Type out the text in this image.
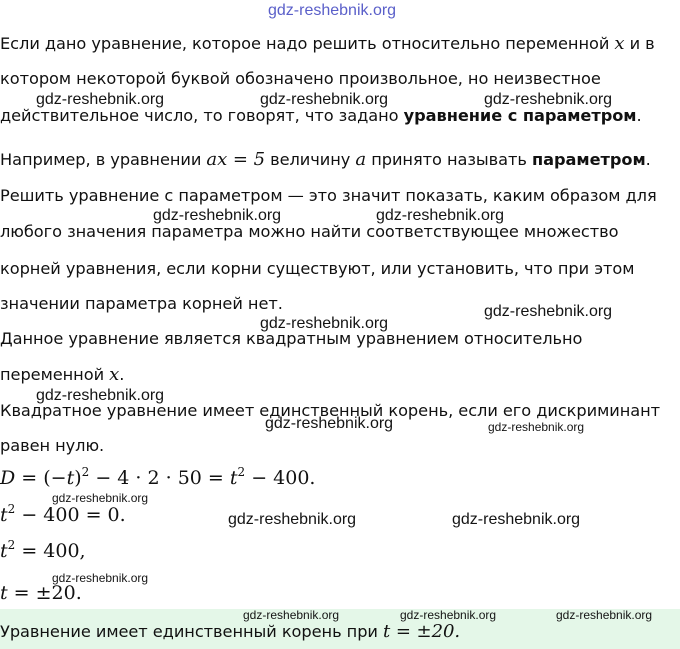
Если дано уравнение, которое надо решить относительно переменной x и в
котором некоторой буквой обозначено произвольное, но неизвестное
действительное число, то говорят, что задано уравнение с параметром.
Например, в уравнении ax = 5 величину a принято называть параметром.
Решить уравнение с параметром — это значит показать, каким образом для
любого значения параметра можно найти соответствующее множество
корней уравнения, если корни существуют, или установить, что при этом
значении параметра корней нет.
Данное уравнение является квадратным уравнением относительно
переменной x.
Квадратное уравнение имеет единственный корень, если его дискриминант
равен нулю.
$D = (-t)^2 - 4 \cdot 2 \cdot 50 = t^2 - 400$.
$t^2 - 400 = 0$.
$t^2 = 400$,
t = ±20.
Уравнение имеет единственный корень при t = ±20.
gdz-reshebnik.org
gdz-reshebnik.org	gdz-reshebnik.org	gdz-reshebnik.org
gdz-reshebnik.org	gdz-reshebnik.org
gdz-reshebnik.org
gdz-reshebnik.org
gdz-reshebnik.org
gdz-reshebnik.org	gdz-reshebnik.org
gdz-reshebnik.org
gdz-reshebnik.org	gdz-reshebnik.org
gdz-reshebnik.org
gdz-reshebnik.org	gdz-reshebnik.org	gdz-reshebnik.org
